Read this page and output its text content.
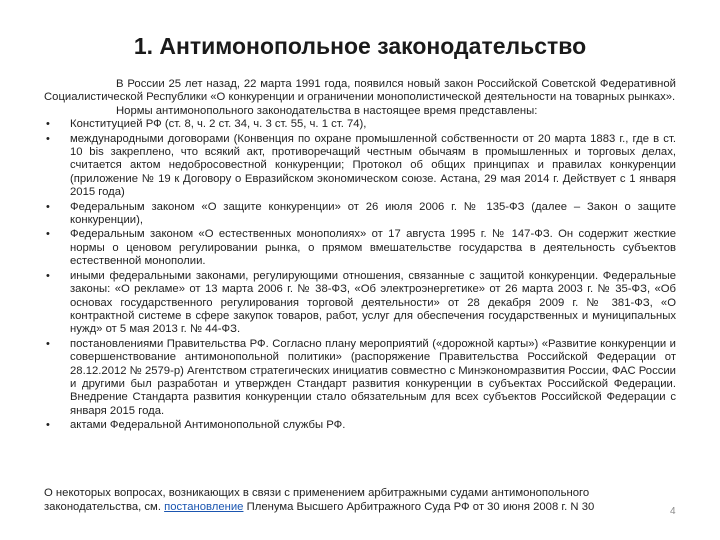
1. Антимонопольное законодательство

В России 25 лет назад, 22 марта 1991 года, появился новый закон Российской Советской Федеративной Социалистической Республики «О конкуренции и ограничении монополистической деятельности на товарных рынках».

Нормы антимонопольного законодательства в настоящее время представлены:

•	Конституцией РФ (ст. 8, ч. 2 ст. 34, ч. 3 ст. 55, ч. 1 ст. 74),
•	международными договорами (Конвенция по охране промышленной собственности от 20 марта 1883 г., где в ст. 10 bis закреплено, что всякий акт, противоречащий честным обычаям в промышленных и торговых делах, считается актом недобросовестной конкуренции; Протокол об общих принципах и правилах конкуренции (приложение № 19 к Договору о Евразийском экономическом союзе. Астана, 29 мая 2014 г. Действует с 1 января 2015 года)
•	Федеральным законом «О защите конкуренции» от 26 июля 2006 г. № 135-ФЗ (далее – Закон о защите конкуренции),
•	Федеральным законом «О естественных монополиях» от 17 августа 1995 г. № 147-ФЗ. Он содержит жесткие нормы о ценовом регулировании рынка, о прямом вмешательстве государства в деятельность субъектов естественной монополии.
•	иными федеральными законами, регулирующими отношения, связанные с защитой конкуренции. Федеральные законы: «О рекламе» от 13 марта 2006 г. № 38-ФЗ, «Об электроэнергетике» от 26 марта 2003 г. № 35-ФЗ, «Об основах государственного регулирования торговой деятельности» от 28 декабря 2009 г. № 381-ФЗ, «О контрактной системе в сфере закупок товаров, работ, услуг для обеспечения государственных и муниципальных нужд» от 5 мая 2013 г. № 44-ФЗ.
•	постановлениями Правительства РФ. Согласно плану мероприятий («дорожной карты») «Развитие конкуренции и совершенствование антимонопольной политики» (распоряжение Правительства Российской Федерации от 28.12.2012 № 2579-р) Агентством стратегических инициатив совместно с Минэкономразвития России, ФАС России и другими был разработан и утвержден Стандарт развития конкуренции в субъектах Российской Федерации. Внедрение Стандарта развития конкуренции стало обязательным для всех субъектов Российской Федерации с января 2015 года.
•	актами Федеральной Антимонопольной службы РФ.
О некоторых вопросах, возникающих в связи с применением арбитражными судами антимонопольного законодательства, см. постановление Пленума Высшего Арбитражного Суда РФ от 30 июня 2008 г. N 30	4
